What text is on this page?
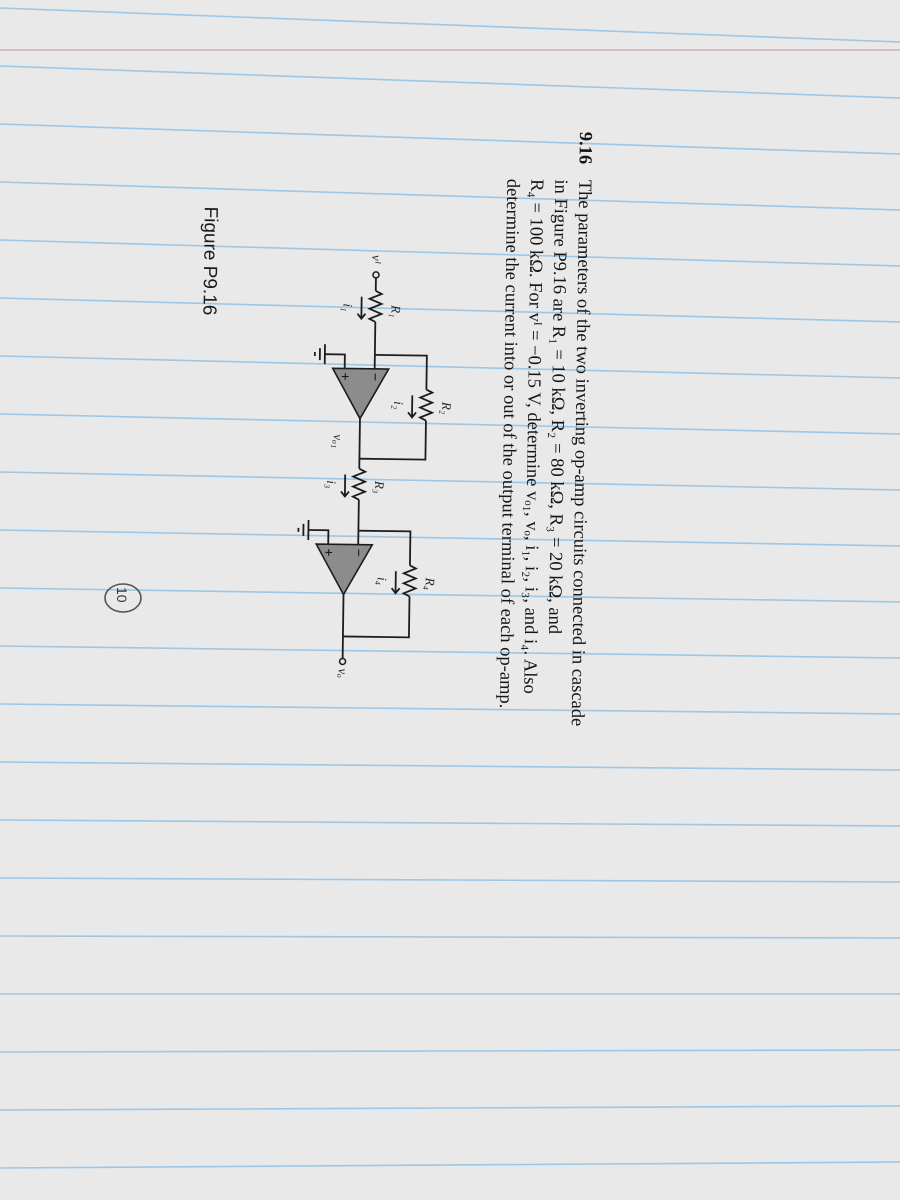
9.16
The parameters of the two inverting op-amp circuits connected in cascade
in Figure P9.16 are R₁ = 10 kΩ, R₂ = 80 kΩ, R₃ = 20 kΩ, and
R₄ = 100 kΩ. For vᴵ = −0.15 V, determine vₒ₁, vₒ, i₁, i₂, i₃, and i₄. Also
determine the current into or out of the output terminal of each op-amp.
vᴵ
R₁
i₁
R₂
i₂
−
+
vₒ₁
R₃
i₃
R₄
i₄
−
+
vₒ
Figure P9.16
10
